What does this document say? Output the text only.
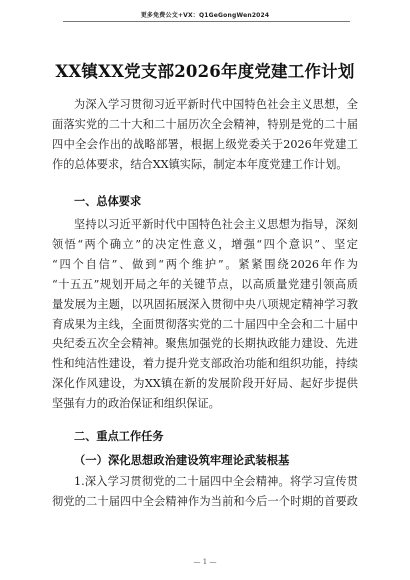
更多免费公文+VX：Q1GeGongWen2024
XX镇XX党支部2026年度党建工作计划
为深入学习贯彻习近平新时代中国特色社会主义思想，全
面落实党的二十大和二十届历次全会精神，特别是党的二十届
四中全会作出的战略部署，根据上级党委关于2026年党建工
作的总体要求，结合XX镇实际，制定本年度党建工作计划。
一、总体要求
坚持以习近平新时代中国特色社会主义思想为指导，深刻
领悟“两个确立”的决定性意义，增强“四个意识”、坚定
“四个自信”、做到“两个维护”。紧紧围绕2026年作为
“十五五”规划开局之年的关键节点，以高质量党建引领高质
量发展为主题，以巩固拓展深入贯彻中央八项规定精神学习教
育成果为主线，全面贯彻落实党的二十届四中全会和二十届中
央纪委五次全会精神。聚焦加强党的长期执政能力建设、先进
性和纯洁性建设，着力提升党支部政治功能和组织功能，持续
深化作风建设，为XX镇在新的发展阶段开好局、起好步提供
坚强有力的政治保证和组织保证。
二、重点工作任务
（一）深化思想政治建设筑牢理论武装根基
1.深入学习贯彻党的二十届四中全会精神。将学习宣传贯
彻党的二十届四中全会精神作为当前和今后一个时期的首要政
— 1 —
